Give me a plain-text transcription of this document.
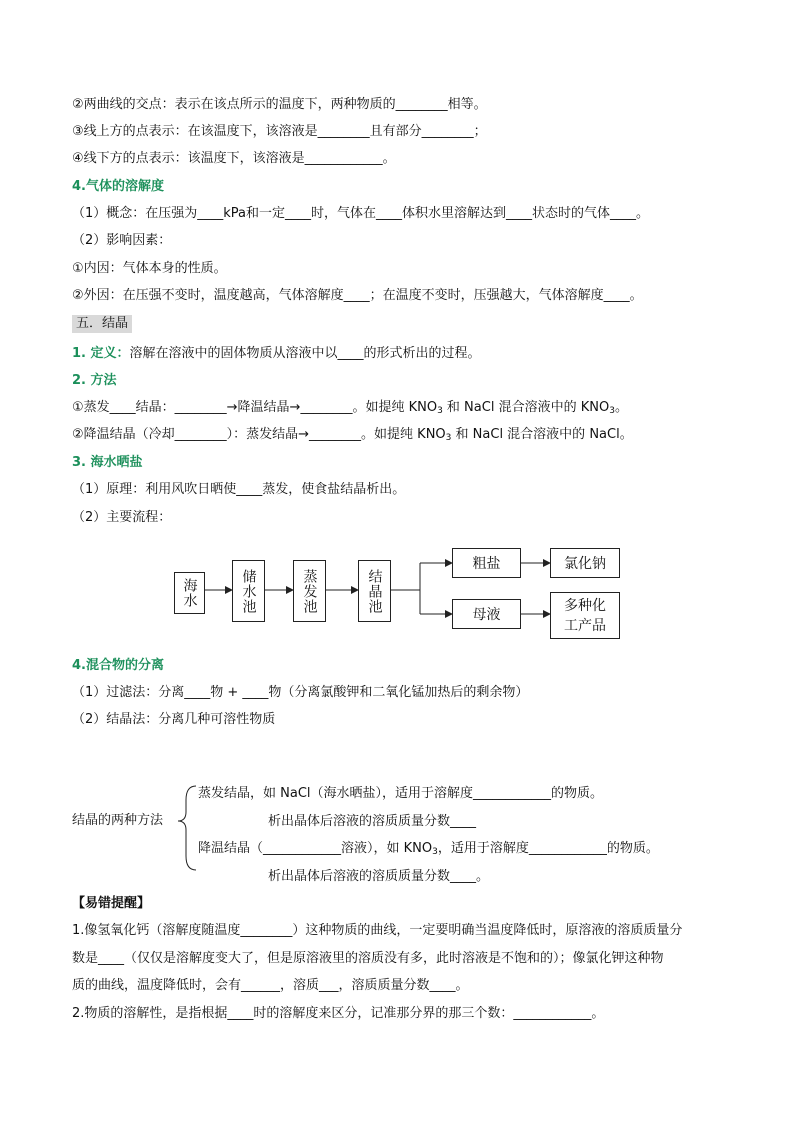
②两曲线的交点：表示在该点所示的温度下，两种物质的________相等。
③线上方的点表示：在该温度下，该溶液是________且有部分________；
④线下方的点表示：该温度下，该溶液是____________。
4.气体的溶解度
（1）概念：在压强为____kPa和一定____时，气体在____体积水里溶解达到____状态时的气体____。
（2）影响因素：
①内因：气体本身的性质。
②外因：在压强不变时，温度越高，气体溶解度____；在温度不变时，压强越大，气体溶解度____。
五．结晶
1. 定义：溶解在溶液中的固体物质从溶液中以____的形式析出的过程。
2. 方法
①蒸发____结晶：________→降温结晶→________。如提纯 $KNO_3$ 和 NaCl 混合溶液中的 $KNO_3$。
②降温结晶（冷却________）：蒸发结晶→________。如提纯 $KNO_3$ 和 NaCl 混合溶液中的 NaCl。
3. 海水晒盐
（1）原理：利用风吹日晒使____蒸发，使食盐结晶析出。
（2）主要流程：
海水	储水池	蒸发池	结晶池
粗盐	氯化钠
母液
多种化
工产品
4.混合物的分离
（1）过滤法：分离____物 + ____物（分离氯酸钾和二氧化锰加热后的剩余物）
（2）结晶法：分离几种可溶性物质
结晶的两种方法
蒸发结晶，如 NaCl（海水晒盐），适用于溶解度____________的物质。
析出晶体后溶液的溶质质量分数____
降温结晶（____________溶液），如 $KNO_3$，适用于溶解度____________的物质。
析出晶体后溶液的溶质质量分数____。
【易错提醒】
1.像氢氧化钙（溶解度随温度________）这种物质的曲线，一定要明确当温度降低时，原溶液的溶质质量分
数是____（仅仅是溶解度变大了，但是原溶液里的溶质没有多，此时溶液是不饱和的）；像氯化钾这种物
质的曲线，温度降低时，会有______，溶质___，溶质质量分数____。
2.物质的溶解性，是指根据____时的溶解度来区分，记准那分界的那三个数：____________。
